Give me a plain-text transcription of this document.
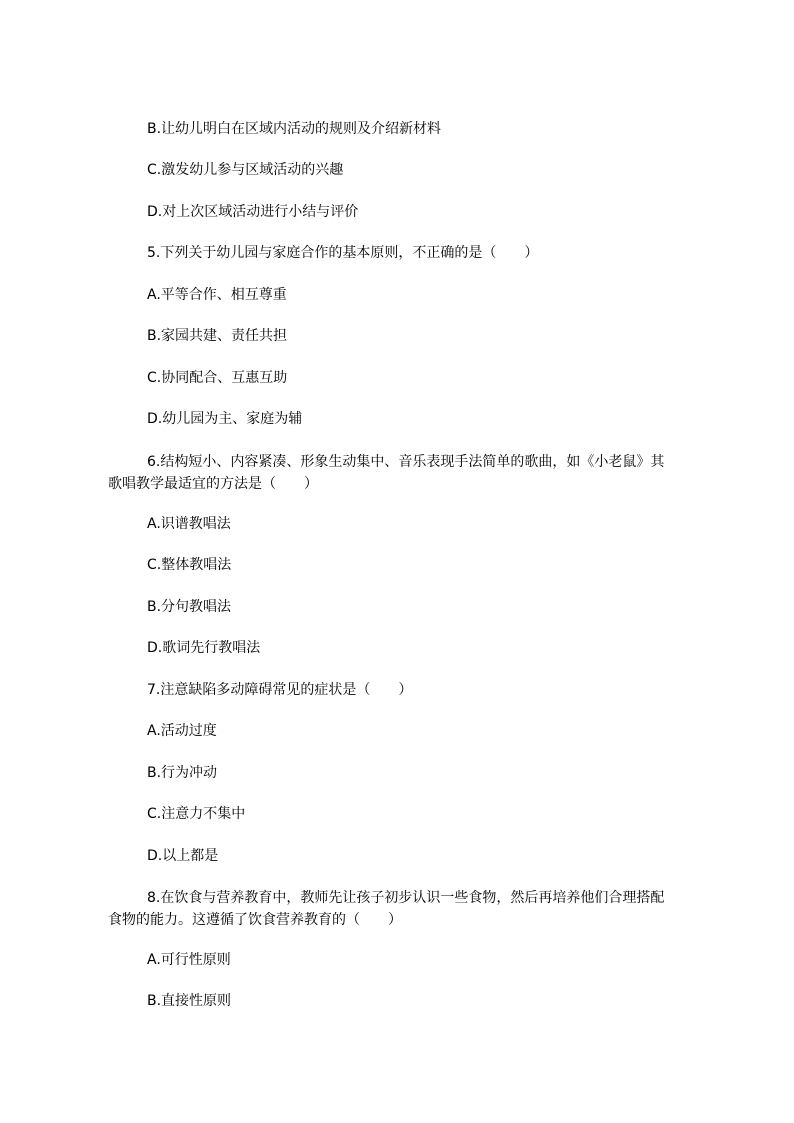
B.让幼儿明白在区域内活动的规则及介绍新材料
C.激发幼儿参与区域活动的兴趣
D.对上次区域活动进行小结与评价
5.下列关于幼儿园与家庭合作的基本原则，不正确的是（　　）
A.平等合作、相互尊重
B.家园共建、责任共担
C.协同配合、互惠互助
D.幼儿园为主、家庭为辅
6.结构短小、内容紧凑、形象生动集中、音乐表现手法简单的歌曲，如《小老鼠》其歌唱教学最适宜的方法是（　　）
A.识谱教唱法
C.整体教唱法
B.分句教唱法
D.歌词先行教唱法
7.注意缺陷多动障碍常见的症状是（　　）
A.活动过度
B.行为冲动
C.注意力不集中
D.以上都是
8.在饮食与营养教育中，教师先让孩子初步认识一些食物，然后再培养他们合理搭配食物的能力。这遵循了饮食营养教育的（　　）
A.可行性原则
B.直接性原则
